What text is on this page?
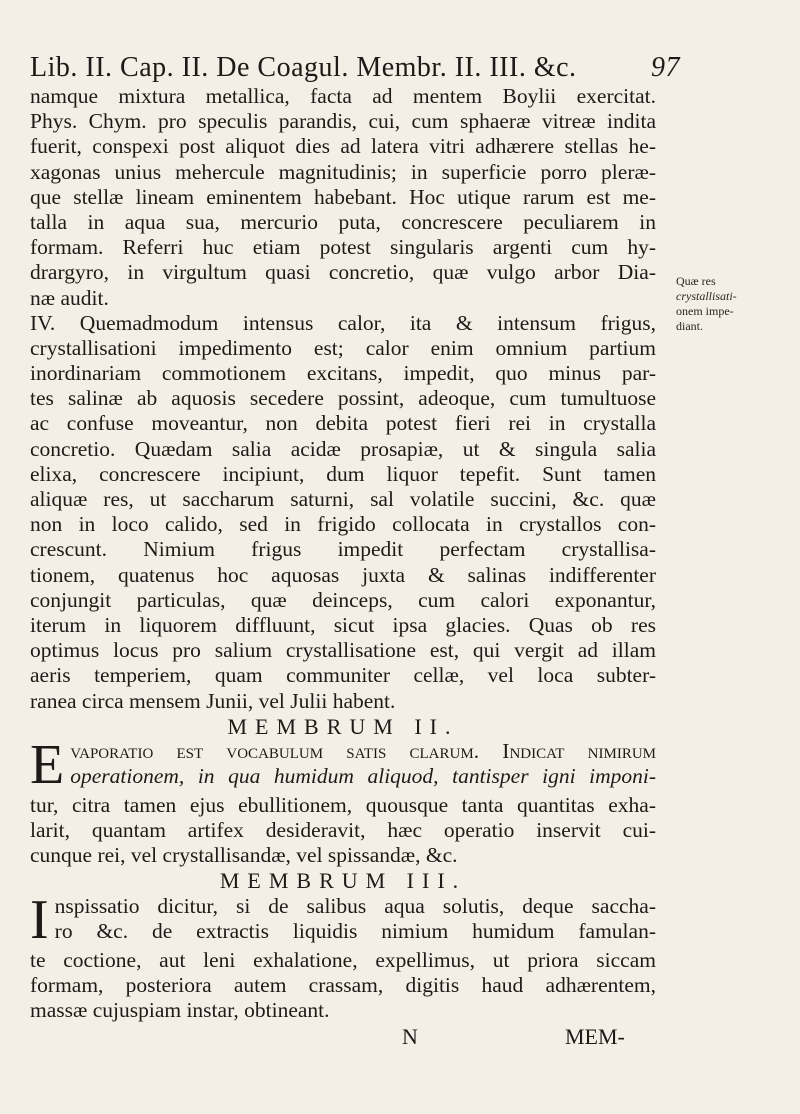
Lib. II. Cap. II. De Coagul. Membr. II. III. &c.	97
namque mixtura metallica, facta ad mentem Boylii exercitat.
Phys. Chym. pro speculis parandis, cui, cum sphaeræ vitreæ indita
fuerit, conspexi post aliquot dies ad latera vitri adhærere stellas he-
xagonas unius mehercule magnitudinis; in superficie porro pleræ-
que stellæ lineam eminentem habebant. Hoc utique rarum est me-
talla in aqua sua, mercurio puta, concrescere peculiarem in
formam. Referri huc etiam potest singularis argenti cum hy-
drargyro, in virgultum quasi concretio, quæ vulgo arbor Dia-
næ audit.
IV. Quemadmodum intensus calor, ita & intensum frigus,
crystallisationi impedimento est; calor enim omnium partium
inordinariam commotionem excitans, impedit, quo minus par-
tes salinæ ab aquosis secedere possint, adeoque, cum tumultuose
ac confuse moveantur, non debita potest fieri rei in crystalla
concretio. Quædam salia acidæ prosapiæ, ut & singula salia
elixa, concrescere incipiunt, dum liquor tepefit. Sunt tamen
aliquæ res, ut saccharum saturni, sal volatile succini, &c. quæ
non in loco calido, sed in frigido collocata in crystallos con-
crescunt. Nimium frigus impedit perfectam crystallisa-
tionem, quatenus hoc aquosas juxta & salinas indifferenter
conjungit particulas, quæ deinceps, cum calori exponantur,
iterum in liquorem diffluunt, sicut ipsa glacies. Quas ob res
optimus locus pro salium crystallisatione est, qui vergit ad illam
aeris temperiem, quam communiter cellæ, vel loca subter-
ranea circa mensem Junii, vel Julii habent.
MEMBRUM II.
E vaporatio est vocabulum satis clarum. Indicat nimirum
operationem, in qua humidum aliquod, tantisper igni imponi-
tur, citra tamen ejus ebullitionem, quousque tanta quantitas exha-
larit, quantam artifex desideravit, hæc operatio inservit cui-
cunque rei, vel crystallisandæ, vel spissandæ, &c.
MEMBRUM III.
I nspissatio dicitur, si de salibus aqua solutis, deque saccha-
ro &c. de extractis liquidis nimium humidum famulan-
te coctione, aut leni exhalatione, expellimus, ut priora siccam
formam, posteriora autem crassam, digitis haud adhærentem,
massæ cujuspiam instar, obtineant.
Quæ res
crystallisati-
onem impe-
diant.
N	MEM-
